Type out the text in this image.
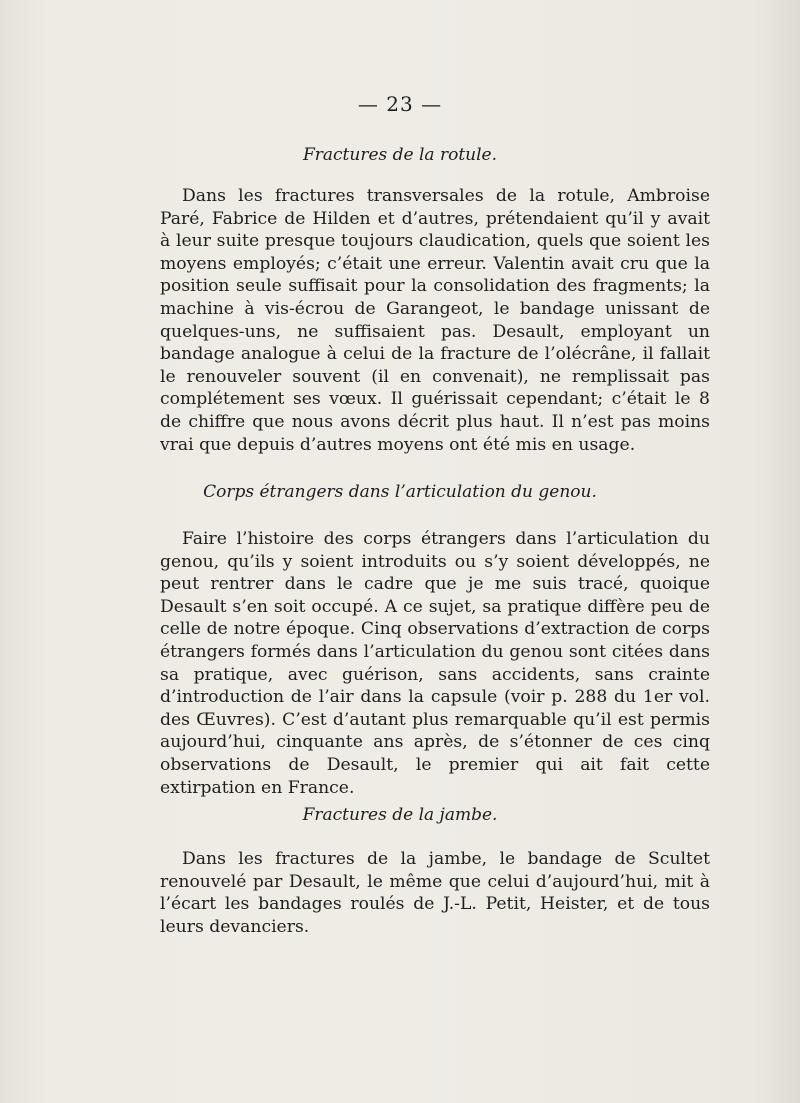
— 23 —
Fractures de la rotule.

Dans les fractures transversales de la rotule, Ambroise Paré, Fabrice de Hilden et d’autres, prétendaient qu’il y avait à leur suite presque toujours claudication, quels que soient les moyens employés; c’était une erreur. Valentin avait cru que la position seule suffisait pour la consolidation des fragments; la machine à vis-écrou de Garangeot, le bandage unissant de quelques-uns, ne suffisaient pas. Desault, employant un bandage analogue à celui de la fracture de l’olécrâne, il fallait le renouveler souvent (il en convenait), ne remplissait pas complétement ses vœux. Il guérissait cependant; c’était le 8 de chiffre que nous avons décrit plus haut. Il n’est pas moins vrai que depuis d’autres moyens ont été mis en usage.

Corps étrangers dans l’articulation du genou.

Faire l’histoire des corps étrangers dans l’articulation du genou, qu’ils y soient introduits ou s’y soient développés, ne peut rentrer dans le cadre que je me suis tracé, quoique Desault s’en soit occupé. A ce sujet, sa pratique diffère peu de celle de notre époque. Cinq observations d’extraction de corps étrangers formés dans l’articulation du genou sont citées dans sa pratique, avec guérison, sans accidents, sans crainte d’introduction de l’air dans la capsule (voir p. 288 du 1er vol. des Œuvres). C’est d’autant plus remarquable qu’il est permis aujourd’hui, cinquante ans après, de s’étonner de ces cinq observations de Desault, le premier qui ait fait cette extirpation en France.

Fractures de la jambe.

Dans les fractures de la jambe, le bandage de Scultet renouvelé par Desault, le même que celui d’aujourd’hui, mit à l’écart les bandages roulés de J.-L. Petit, Heister, et de tous leurs devanciers.
